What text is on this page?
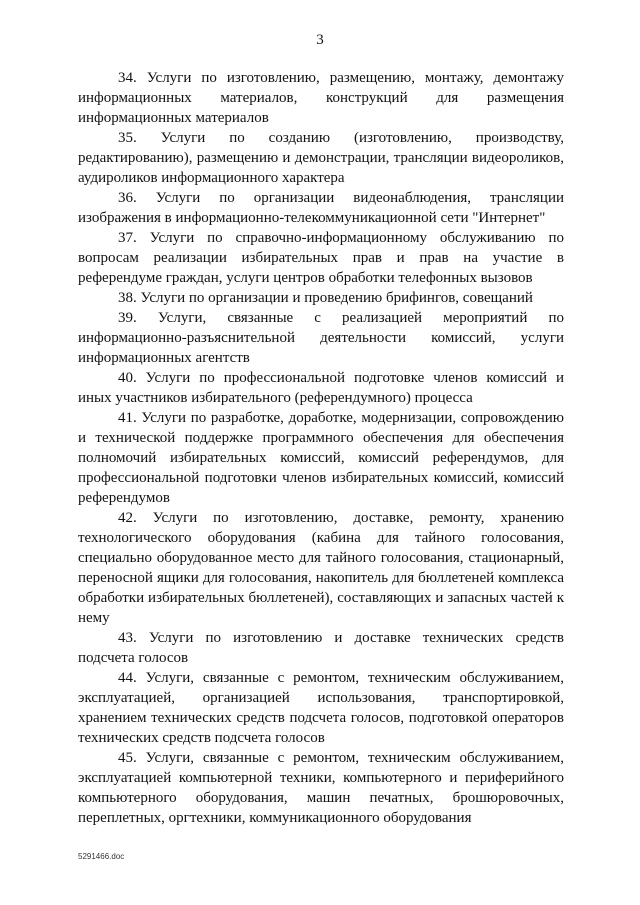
3

34. Услуги по изготовлению, размещению, монтажу, демонтажу информационных материалов, конструкций для размещения информационных материалов

35. Услуги по созданию (изготовлению, производству, редактированию), размещению и демонстрации, трансляции видеороликов, аудироликов информационного характера

36. Услуги по организации видеонаблюдения, трансляции изображения в информационно-телекоммуникационной сети "Интернет"

37. Услуги по справочно-информационному обслуживанию по вопросам реализации избирательных прав и прав на участие в референдуме граждан, услуги центров обработки телефонных вызовов

38. Услуги по организации и проведению брифингов, совещаний

39. Услуги, связанные с реализацией мероприятий по информационно-разъяснительной деятельности комиссий, услуги информационных агентств

40. Услуги по профессиональной подготовке членов комиссий и иных участников избирательного (референдумного) процесса

41. Услуги по разработке, доработке, модернизации, сопровождению и технической поддержке программного обеспечения для обеспечения полномочий избирательных комиссий, комиссий референдумов, для профессиональной подготовки членов избирательных комиссий, комиссий референдумов

42. Услуги по изготовлению, доставке, ремонту, хранению технологического оборудования (кабина для тайного голосования, специально оборудованное место для тайного голосования, стационарный, переносной ящики для голосования, накопитель для бюллетеней комплекса обработки избирательных бюллетеней), составляющих и запасных частей к нему

43. Услуги по изготовлению и доставке технических средств подсчета голосов

44. Услуги, связанные с ремонтом, техническим обслуживанием, эксплуатацией, организацией использования, транспортировкой, хранением технических средств подсчета голосов, подготовкой операторов технических средств подсчета голосов

45. Услуги, связанные с ремонтом, техническим обслуживанием, эксплуатацией компьютерной техники, компьютерного и периферийного компьютерного оборудования, машин печатных, брошюровочных, переплетных, оргтехники, коммуникационного оборудования

5291466.doc
